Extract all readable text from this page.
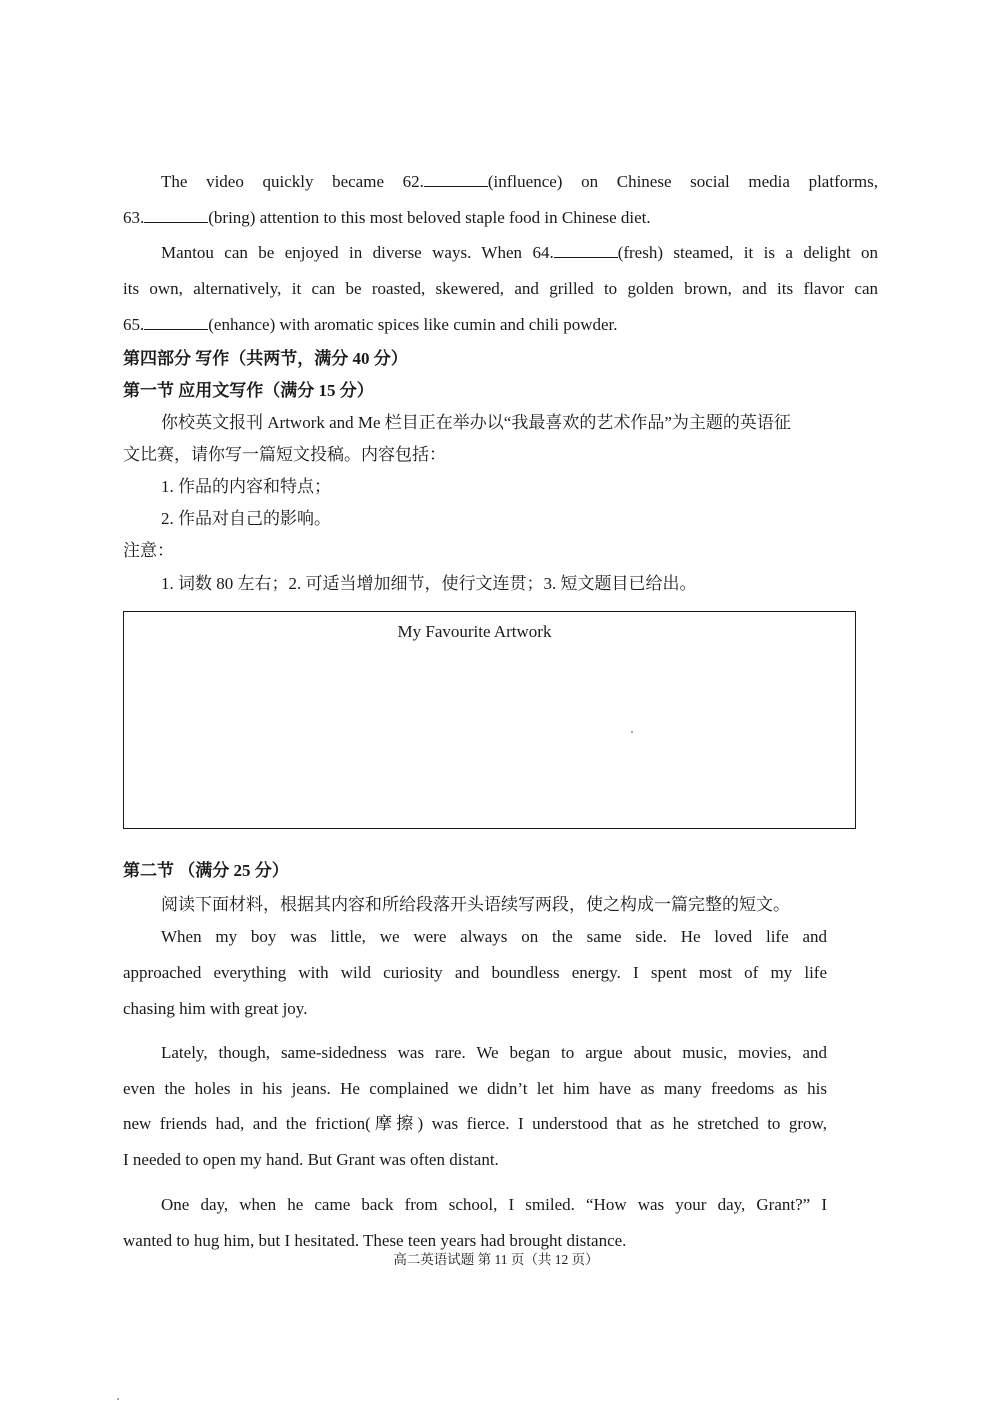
The video quickly became 62.	(influence) on Chinese social media platforms,
63.	(bring) attention to this most beloved staple food in Chinese diet.
Mantou can be enjoyed in diverse ways. When 64.	(fresh) steamed, it is a delight on
its own, alternatively, it can be roasted, skewered, and grilled to golden brown, and its flavor can
65.	(enhance) with aromatic spices like cumin and chili powder.
第四部分 写作（共两节，满分 40 分）
第一节 应用文写作（满分 15 分）
你校英文报刊 Artwork and Me 栏目正在举办以“我最喜欢的艺术作品”为主题的英语征
文比赛，请你写一篇短文投稿。内容包括：
1. 作品的内容和特点；
2. 作品对自己的影响。
注意：
1. 词数 80 左右；2. 可适当增加细节，使行文连贯；3. 短文题目已给出。
My Favourite Artwork
第二节 （满分 25 分）
阅读下面材料，根据其内容和所给段落开头语续写两段，使之构成一篇完整的短文。
When my boy was little, we were always on the same side. He loved life and
approached everything with wild curiosity and boundless energy. I spent most of my life
chasing him with great joy.
Lately, though, same-sidedness was rare. We began to argue about music, movies, and
even the holes in his jeans. He complained we didn’t let him have as many freedoms as his
new friends had, and the friction(摩擦) was fierce. I understood that as he stretched to grow,
I needed to open my hand. But Grant was often distant.
One day, when he came back from school, I smiled. “How was your day, Grant?” I
wanted to hug him, but I hesitated. These teen years had brought distance.
高二英语试题 第 11 页（共 12 页）
